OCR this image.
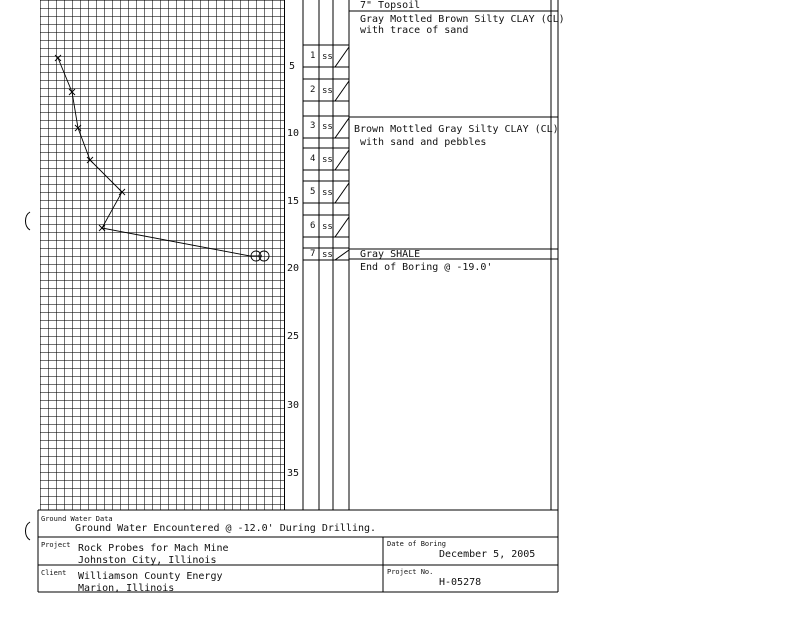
5
10
15
20
25
30
35
1 ss
2 ss
3 ss
4 ss
5 ss
6 ss
7 ss
7" Topsoil
Gray Mottled Brown Silty CLAY (CL)
with trace of sand
Brown Mottled Gray Silty CLAY (CL)
with sand and pebbles
Gray SHALE
End of Boring @ -19.0'
Ground Water Data
Ground Water Encountered @ -12.0' During Drilling.
Project Rock Probes for Mach Mine
Johnston City, Illinois
Client Williamson County Energy
Marion, Illinois
Date of Boring
December 5, 2005
Project No.
H-05278
